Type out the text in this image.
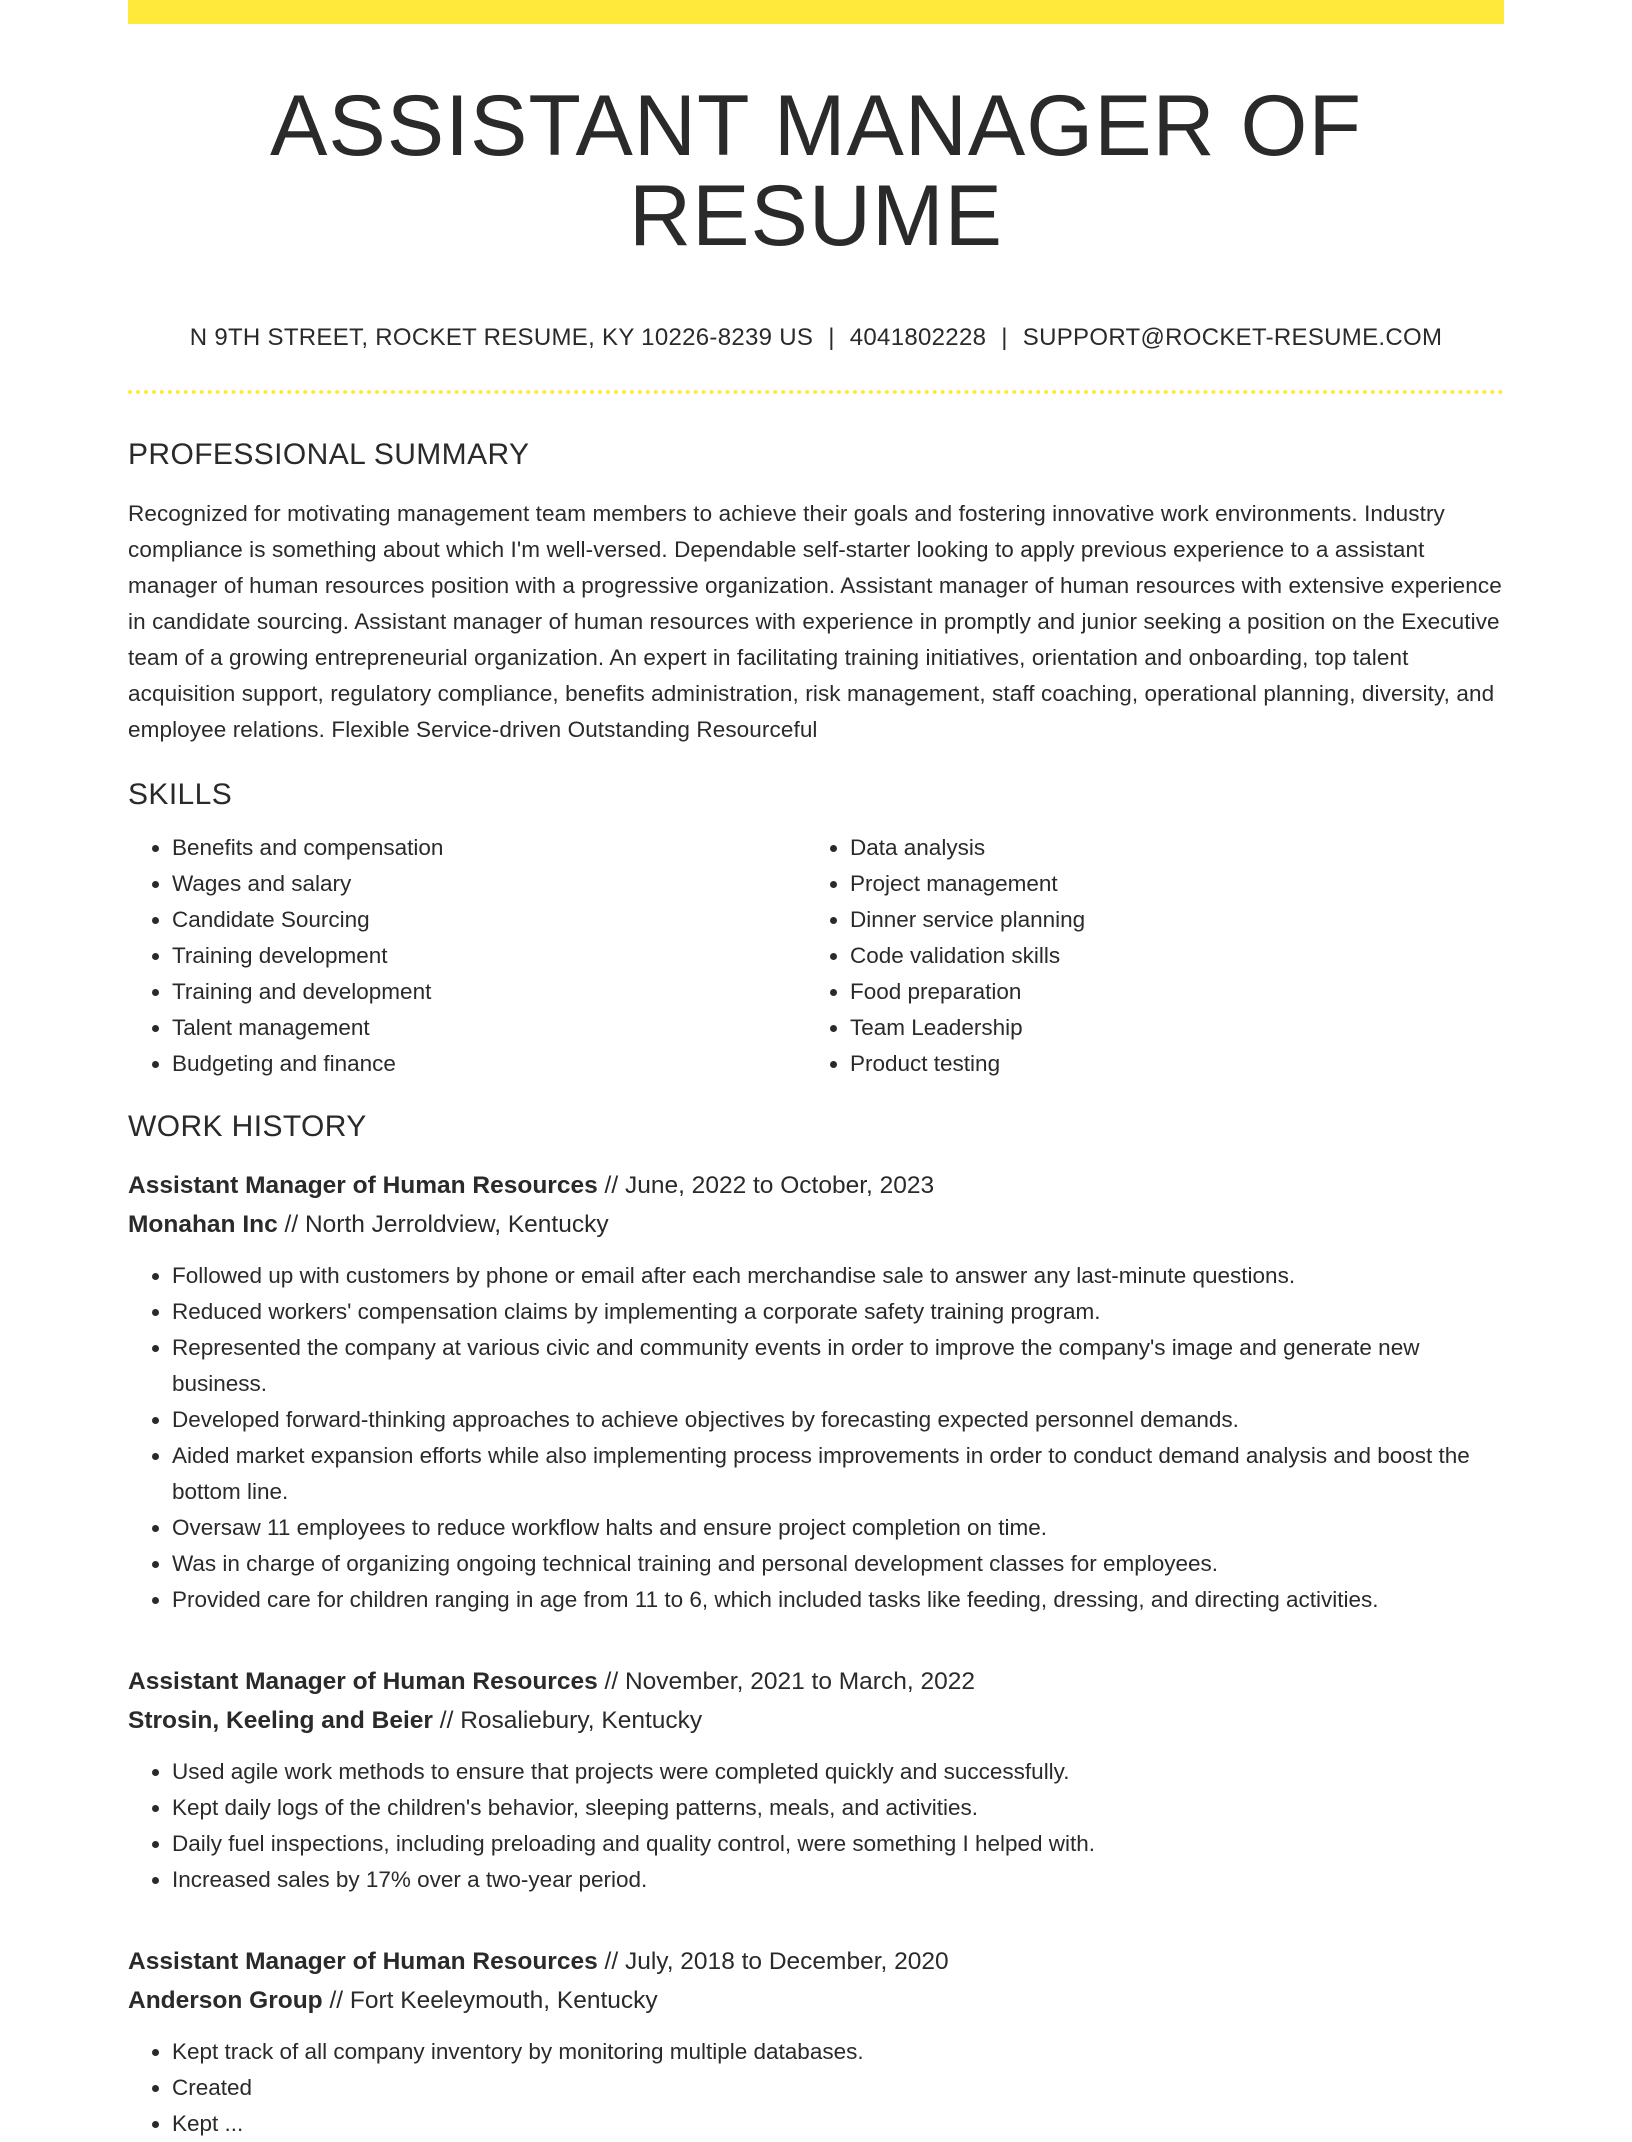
ASSISTANT MANAGER OF RESUME
N 9TH STREET, ROCKET RESUME, KY 10226-8239 US | 4041802228 | SUPPORT@ROCKET-RESUME.COM
PROFESSIONAL SUMMARY

Recognized for motivating management team members to achieve their goals and fostering innovative work environments. Industry compliance is something about which I'm well-versed. Dependable self-starter looking to apply previous experience to a assistant manager of human resources position with a progressive organization. Assistant manager of human resources with extensive experience in candidate sourcing. Assistant manager of human resources with experience in promptly and junior seeking a position on the Executive team of a growing entrepreneurial organization. An expert in facilitating training initiatives, orientation and onboarding, top talent acquisition support, regulatory compliance, benefits administration, risk management, staff coaching, operational planning, diversity, and employee relations. Flexible Service-driven Outstanding Resourceful

SKILLS
• Benefits and compensation
• Wages and salary
• Candidate Sourcing
• Training development
• Training and development
• Talent management
• Budgeting and finance
• Data analysis
• Project management
• Dinner service planning
• Code validation skills
• Food preparation
• Team Leadership
• Product testing
WORK HISTORY
Assistant Manager of Human Resources // June, 2022 to October, 2023
Monahan Inc // North Jerroldview, Kentucky
• Followed up with customers by phone or email after each merchandise sale to answer any last-minute questions.
• Reduced workers' compensation claims by implementing a corporate safety training program.
• Represented the company at various civic and community events in order to improve the company's image and generate new business.
• Developed forward-thinking approaches to achieve objectives by forecasting expected personnel demands.
• Aided market expansion efforts while also implementing process improvements in order to conduct demand analysis and boost the bottom line.
• Oversaw 11 employees to reduce workflow halts and ensure project completion on time.
• Was in charge of organizing ongoing technical training and personal development classes for employees.
• Provided care for children ranging in age from 11 to 6, which included tasks like feeding, dressing, and directing activities.
Assistant Manager of Human Resources // November, 2021 to March, 2022
Strosin, Keeling and Beier // Rosaliebury, Kentucky
• Used agile work methods to ensure that projects were completed quickly and successfully.
• Kept daily logs of the children's behavior, sleeping patterns, meals, and activities.
• Daily fuel inspections, including preloading and quality control, were something I helped with.
• Increased sales by 17% over a two-year period.
Assistant Manager of Human Resources // July, 2018 to December, 2020
Anderson Group // Fort Keeleymouth, Kentucky
• Kept track of all company inventory by monitoring multiple databases.
• Created
• Kept ...
